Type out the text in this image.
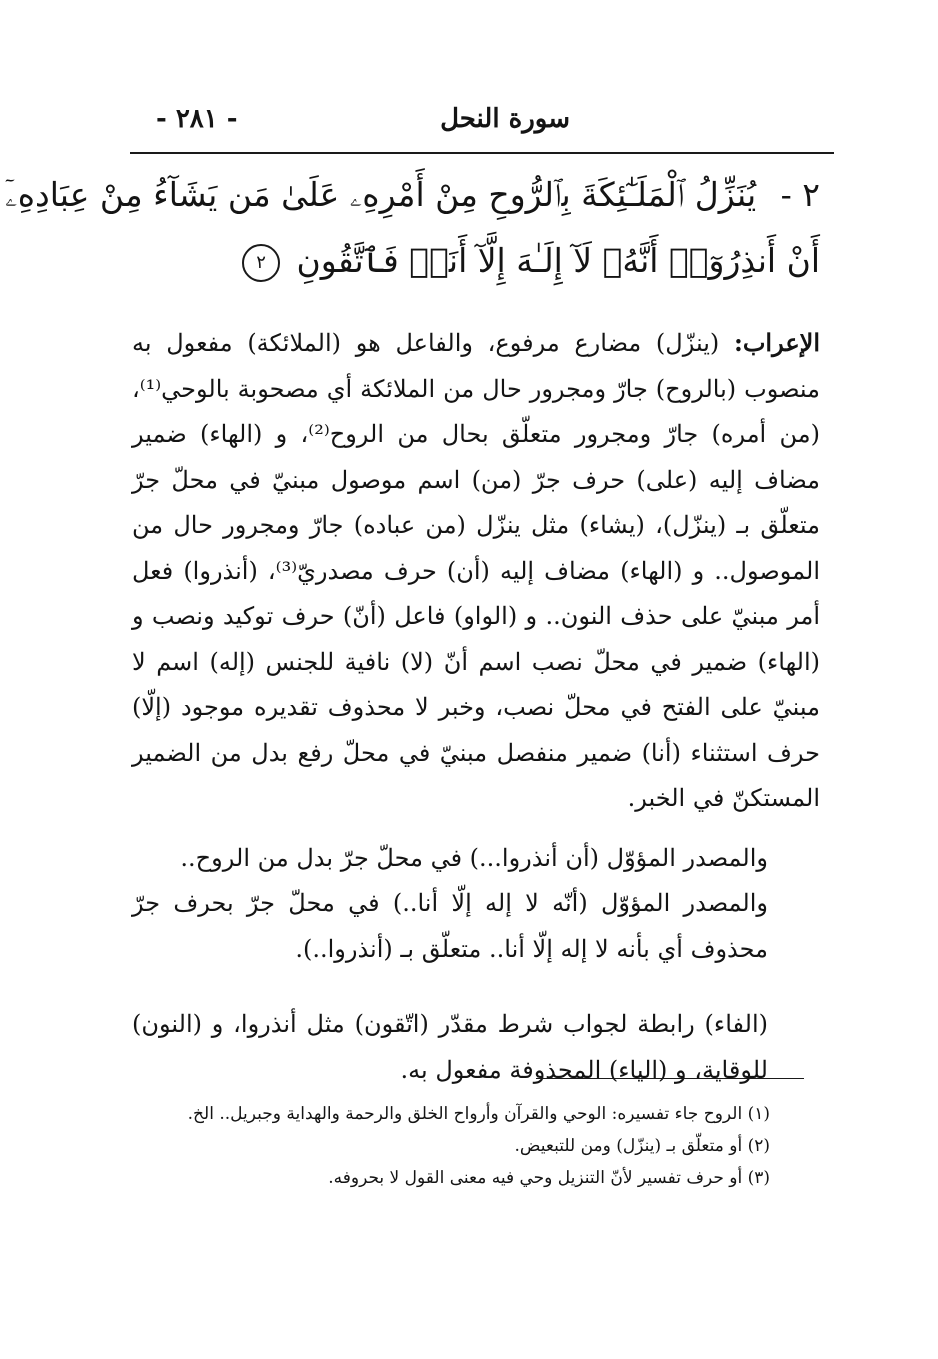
سورة النحل
- ٢٨١ -
٢ - يُنَزِّلُ ٱلْمَلَـٰٓئِكَةَ بِٱلرُّوحِ مِنْ أَمْرِهِۦ عَلَىٰ مَن يَشَآءُ مِنْ عِبَادِهِۦٓ
أَنْ أَنذِرُوٓا۟ أَنَّهُۥ لَآ إِلَـٰهَ إِلَّآ أَنَا۠ فَٱتَّقُونِ ٢

الإعراب: (ينزّل) مضارع مرفوع، والفاعل هو (الملائكة) مفعول به منصوب (بالروح) جارّ ومجرور حال من الملائكة أي مصحوبة بالوحي⁽¹⁾، (من أمره) جارّ ومجرور متعلّق بحال من الروح⁽²⁾، و (الهاء) ضمير مضاف إليه (على) حرف جرّ (من) اسم موصول مبنيّ في محلّ جرّ متعلّق بـ (ينزّل)، (يشاء) مثل ينزّل (من عباده) جارّ ومجرور حال من الموصول.. و (الهاء) مضاف إليه (أن) حرف مصدريّ⁽³⁾، (أنذروا) فعل أمر مبنيّ على حذف النون.. و (الواو) فاعل (أنّ) حرف توكيد ونصب و (الهاء) ضمير في محلّ نصب اسم أنّ (لا) نافية للجنس (إله) اسم لا مبنيّ على الفتح في محلّ نصب، وخبر لا محذوف تقديره موجود (إلّا) حرف استثناء (أنا) ضمير منفصل مبنيّ في محلّ رفع بدل من الضمير المستكنّ في الخبر.

والمصدر المؤوّل (أن أنذروا...) في محلّ جرّ بدل من الروح..

والمصدر المؤوّل (أنّه لا إله إلّا أنا..) في محلّ جرّ بحرف جرّ محذوف أي بأنه لا إله إلّا أنا.. متعلّق بـ (أنذروا..).

(الفاء) رابطة لجواب شرط مقدّر (اتّقون) مثل أنذروا، و (النون) للوقاية، و (الياء) المحذوفة مفعول به.

(١) الروح جاء تفسيره: الوحي والقرآن وأرواح الخلق والرحمة والهداية وجبريل.. الخ.

(٢) أو متعلّق بـ (ينزّل) ومن للتبعيض.

(٣) أو حرف تفسير لأنّ التنزيل وحي فيه معنى القول لا بحروفه.
